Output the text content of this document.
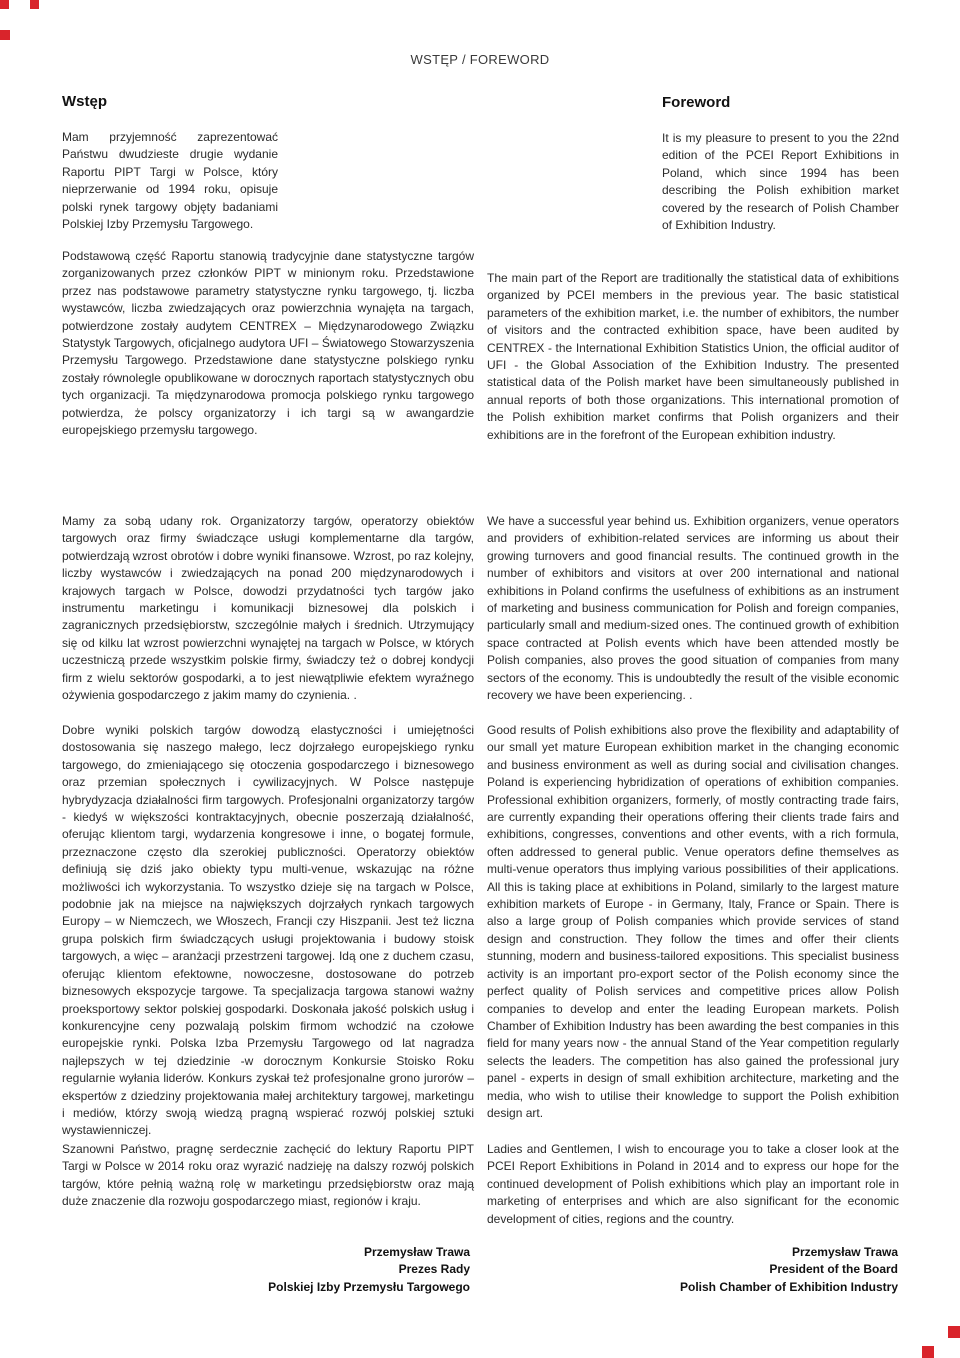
WSTĘP / FOREWORD
Wstęp

Mam przyjemność zaprezentować Państwu dwudzieste drugie wydanie Raportu PIPT Targi w Polsce, który nieprzerwanie od 1994 roku, opisuje polski rynek targowy objęty badaniami Polskiej Izby Przemysłu Targowego.

Podstawową część Raportu stanowią tradycyjnie dane statystyczne targów zorganizowanych przez członków PIPT w minionym roku. Przedstawione przez nas podstawowe parametry statystyczne rynku targowego, tj. liczba wystawców, liczba zwiedzających oraz powierzchnia wynajęta na targach, potwierdzone zostały audytem CENTREX – Międzynarodowego Związku Statystyk Targowych, oficjalnego audytora UFI – Światowego Stowarzyszenia Przemysłu Targowego. Przedstawione dane statystyczne polskiego rynku zostały równolegle opublikowane w dorocznych raportach statystycznych obu tych organizacji. Ta międzynarodowa promocja polskiego rynku targowego potwierdza, że polscy organizatorzy i ich targi są w awangardzie europejskiego przemysłu targowego.

Mamy za sobą udany rok. Organizatorzy targów, operatorzy obiektów targowych oraz firmy świadczące usługi komplementarne dla targów, potwierdzają wzrost obrotów i dobre wyniki finansowe. Wzrost, po raz kolejny, liczby wystawców i zwiedzających na ponad 200 międzynarodowych i krajowych targach w Polsce, dowodzi przydatności tych targów jako instrumentu marketingu i komunikacji biznesowej dla polskich i zagranicznych przedsiębiorstw, szczególnie małych i średnich. Utrzymujący się od kilku lat wzrost powierzchni wynajętej na targach w Polsce, w których uczestniczą przede wszystkim polskie firmy, świadczy też o dobrej kondycji firm z wielu sektorów gospodarki, a to jest niewątpliwie efektem wyraźnego ożywienia gospodarczego z jakim mamy do czynienia. .

Dobre wyniki polskich targów dowodzą elastyczności i umiejętności dostosowania się naszego małego, lecz dojrzałego europejskiego rynku targowego, do zmieniającego się otoczenia gospodarczego i biznesowego oraz przemian społecznych i cywilizacyjnych. W Polsce następuje hybrydyzacja działalności firm targowych. Profesjonalni organizatorzy targów - kiedyś w większości kontraktacyjnych, obecnie poszerzają działalność, oferując klientom targi, wydarzenia kongresowe i inne, o bogatej formule, przeznaczone często dla szerokiej publiczności. Operatorzy obiektów definiują się dziś jako obiekty typu multi-venue, wskazując na różne możliwości ich wykorzystania. To wszystko dzieje się na targach w Polsce, podobnie jak na miejsce na największych dojrzałych rynkach targowych Europy – w Niemczech, we Włoszech, Francji czy Hiszpanii. Jest też liczna grupa polskich firm świadczących usługi projektowania i budowy stoisk targowych, a więc – aranżacji przestrzeni targowej. Idą one z duchem czasu, oferując klientom efektowne, nowoczesne, dostosowane do potrzeb biznesowych ekspozycje targowe. Ta specjalizacja targowa stanowi ważny proeksportowy sektor polskiej gospodarki. Doskonała jakość polskich usług i konkurencyjne ceny pozwalają polskim firmom wchodzić na czołowe europejskie rynki. Polska Izba Przemysłu Targowego od lat nagradza najlepszych w tej dziedzinie -w dorocznym Konkursie Stoisko Roku regularnie wyłania liderów. Konkurs zyskał też profesjonalne grono jurorów – ekspertów z dziedziny projektowania małej architektury targowej, marketingu i mediów, którzy swoją wiedzą pragną wspierać rozwój polskiej sztuki wystawienniczej.

Szanowni Państwo, pragnę serdecznie zachęcić do lektury Raportu PIPT Targi w Polsce w 2014 roku oraz wyrazić nadzieję na dalszy rozwój polskich targów, które pełnią ważną rolę w marketingu przedsiębiorstw oraz mają duże znaczenie dla rozwoju gospodarczego miast, regionów i kraju.

Przemysław Trawa
Prezes Rady
Polskiej Izby Przemysłu Targowego
Foreword

It is my pleasure to present to you the 22nd edition of the PCEI Report Exhibitions in Poland, which since 1994 has been describing the Polish exhibition market covered by the research of Polish Chamber of Exhibition Industry.

The main part of the Report are traditionally the statistical data of exhibitions organized by PCEI members in the previous year. The basic statistical parameters of the exhibition market, i.e. the number of exhibitors, the number of visitors and the contracted exhibition space, have been audited by CENTREX - the International Exhibition Statistics Union, the official auditor of UFI - the Global Association of the Exhibition Industry. The presented statistical data of the Polish market have been simultaneously published in annual reports of both those organizations. This international promotion of the Polish exhibition market confirms that Polish organizers and their exhibitions are in the forefront of the European exhibition industry.

We have a successful year behind us. Exhibition organizers, venue operators and providers of exhibition-related services are informing us about their growing turnovers and good financial results. The continued growth in the number of exhibitors and visitors at over 200 international and national exhibitions in Poland confirms the usefulness of exhibitions as an instrument of marketing and business communication for Polish and foreign companies, particularly small and medium-sized ones. The continued growth of exhibition space contracted at Polish events which have been attended mostly be Polish companies, also proves the good situation of companies from many sectors of the economy. This is undoubtedly the result of the visible economic recovery we have been experiencing. .

Good results of Polish exhibitions also prove the flexibility and adaptability of our small yet mature European exhibition market in the changing economic and business environment as well as during social and civilisation changes. Poland is experiencing hybridization of operations of exhibition companies. Professional exhibition organizers, formerly, of mostly contracting trade fairs, are currently expanding their operations offering their clients trade fairs and exhibitions, congresses, conventions and other events, with a rich formula, often addressed to general public. Venue operators define themselves as multi-venue operators thus implying various possibilities of their applications. All this is taking place at exhibitions in Poland, similarly to the largest mature exhibition markets of Europe - in Germany, Italy, France or Spain. There is also a large group of Polish companies which provide services of stand design and construction. They follow the times and offer their clients stunning, modern and business-tailored expositions. This specialist business activity is an important pro-export sector of the Polish economy since the perfect quality of Polish services and competitive prices allow Polish companies to develop and enter the leading European markets. Polish Chamber of Exhibition Industry has been awarding the best companies in this field for many years now - the annual Stand of the Year competition regularly selects the leaders. The competition has also gained the professional jury panel - experts in design of small exhibition architecture, marketing and the media, who wish to utilise their knowledge to support the Polish exhibition design art.

Ladies and Gentlemen, I wish to encourage you to take a closer look at the PCEI Report Exhibitions in Poland in 2014 and to express our hope for the continued development of Polish exhibitions which play an important role in marketing of enterprises and which are also significant for the economic development of cities, regions and the country.

Przemysław Trawa
President of the Board
Polish Chamber of Exhibition Industry
